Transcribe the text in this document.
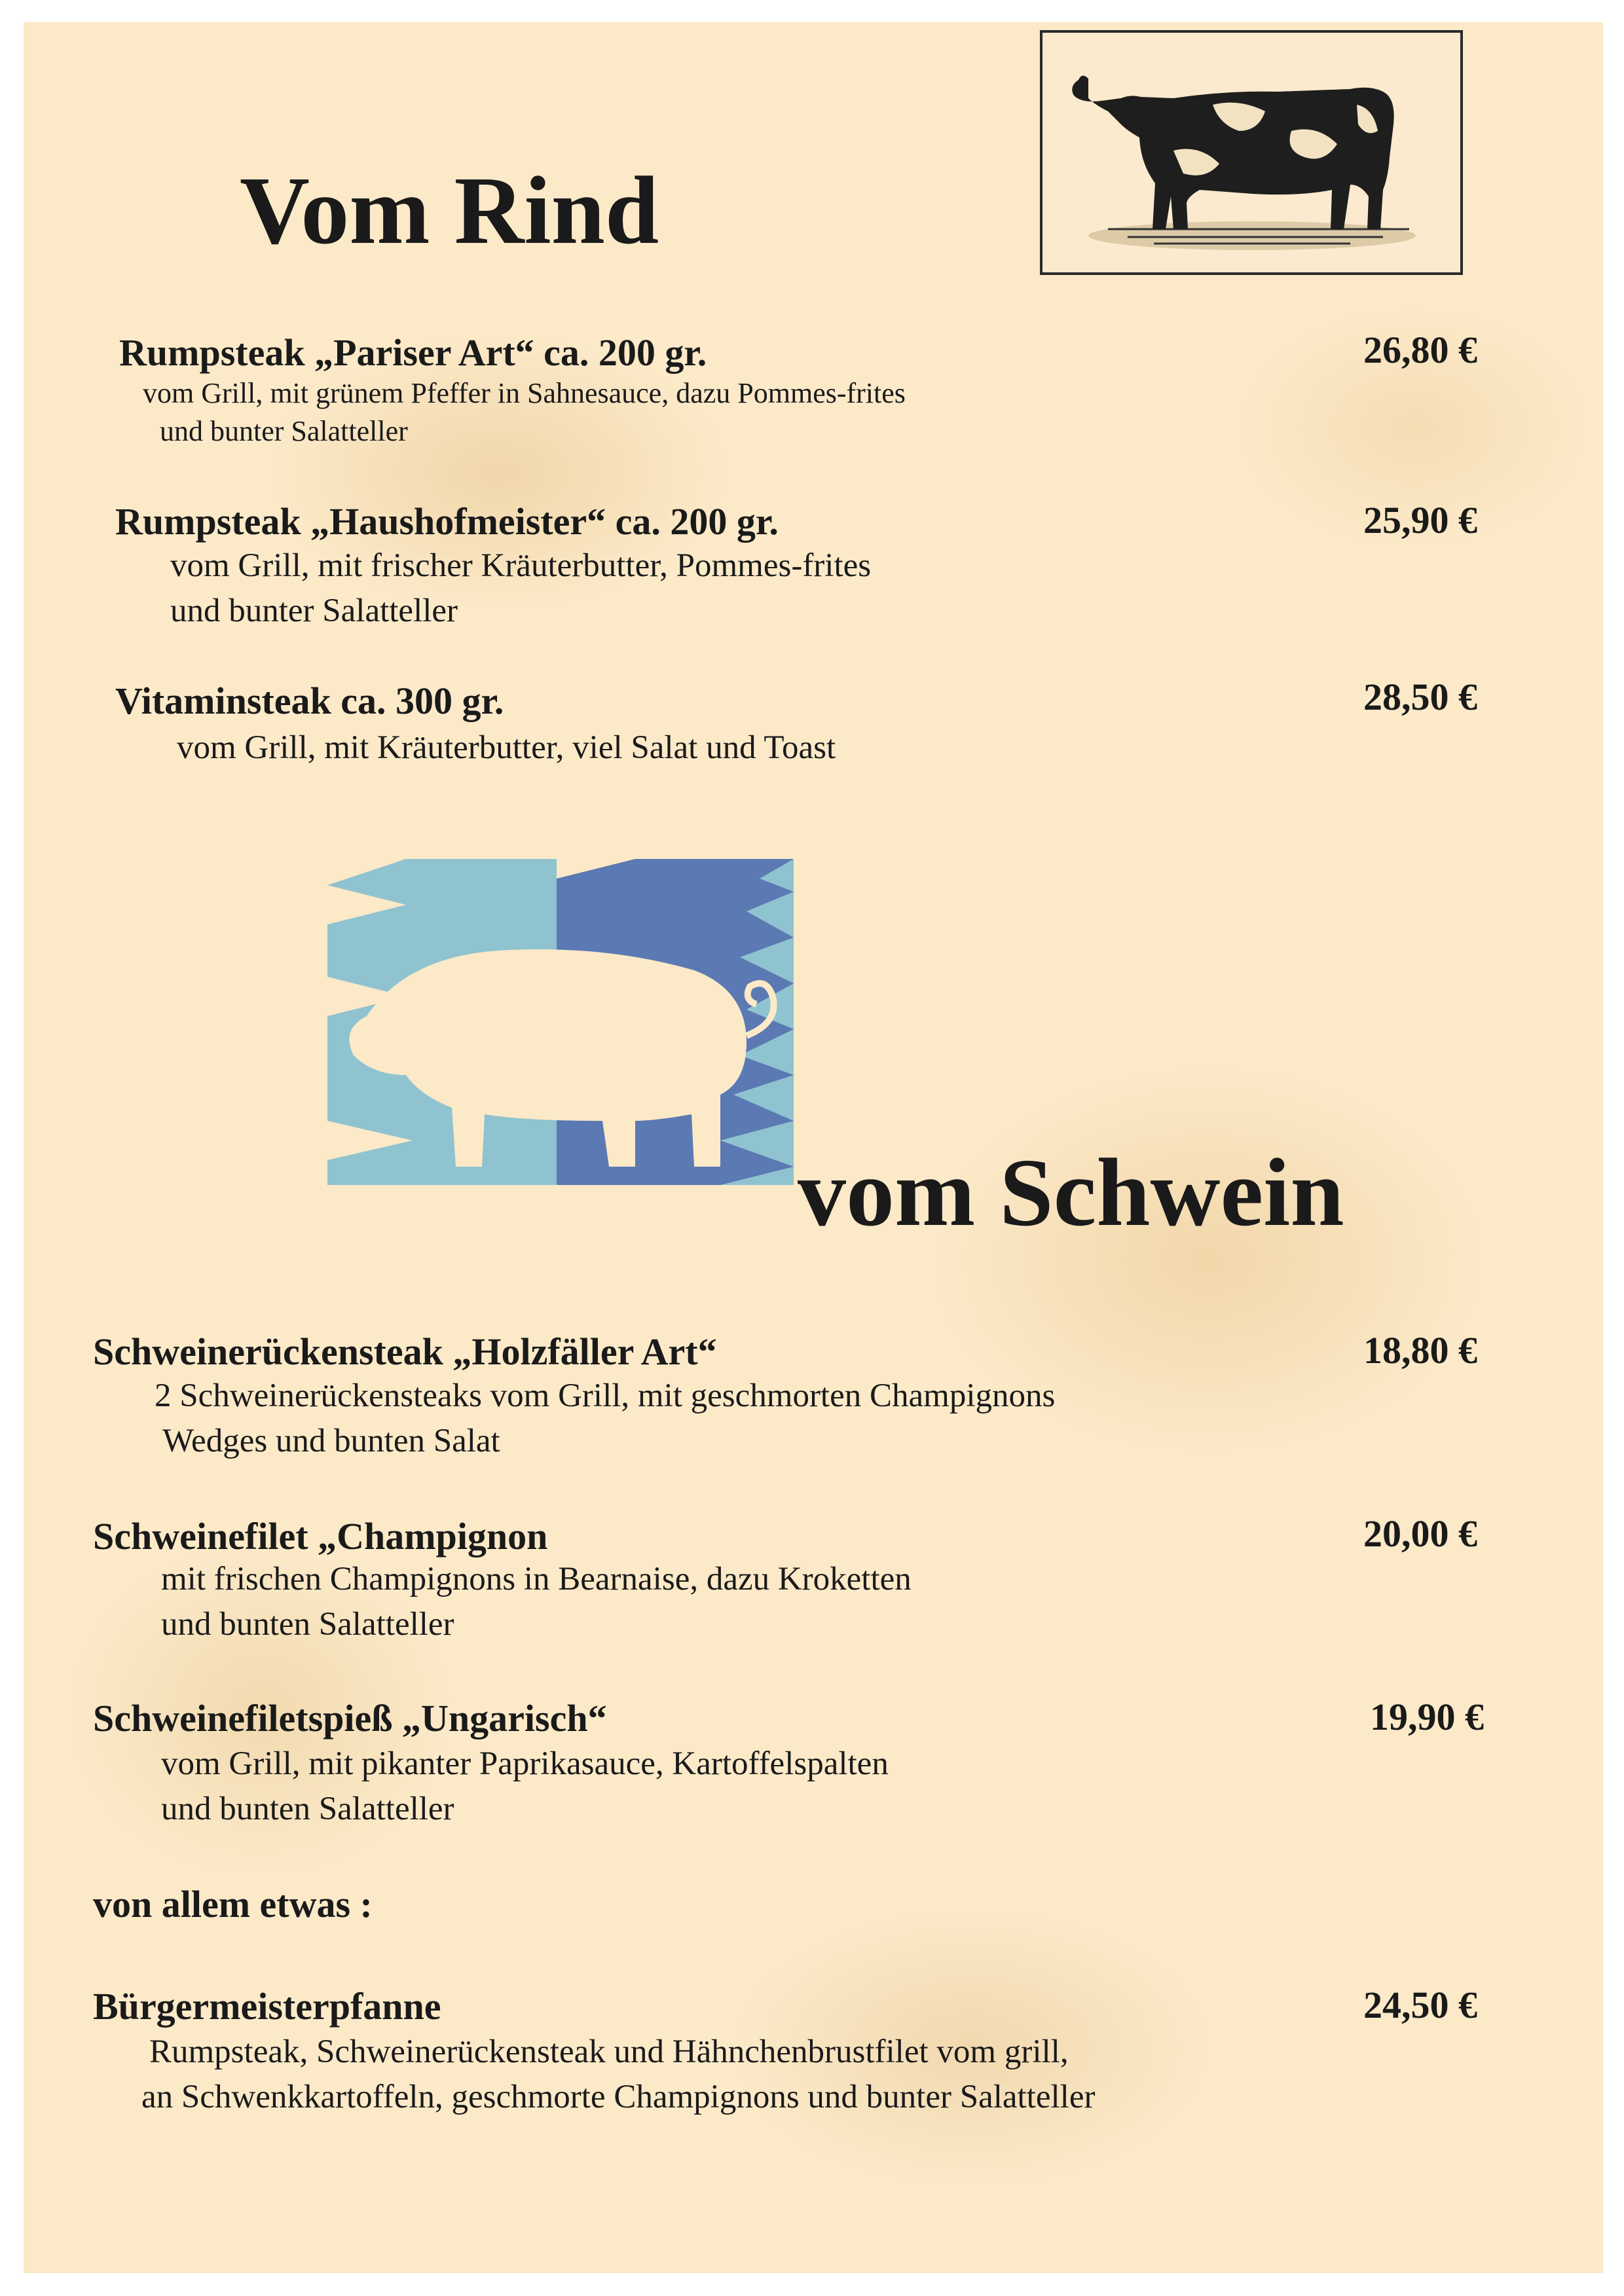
Vom Rind
Rumpsteak „Pariser Art“ ca. 200 gr.	26,80 €
vom Grill, mit grünem Pfeffer in Sahnesauce, dazu Pommes-frites
und bunter Salatteller
Rumpsteak „Haushofmeister“ ca. 200 gr.	25,90 €
vom Grill, mit frischer Kräuterbutter, Pommes-frites
und bunter Salatteller
Vitaminsteak ca. 300 gr.	28,50 €
vom Grill, mit Kräuterbutter, viel Salat und Toast
vom Schwein
Schweinerückensteak „Holzfäller Art“	18,80 €
2 Schweinerückensteaks vom Grill, mit geschmorten Champignons
Wedges und bunten Salat
Schweinefilet „Champignon	20,00 €
mit frischen Champignons in Bearnaise, dazu Kroketten
und bunten Salatteller
Schweinefiletspieß „Ungarisch“	19,90 €
vom Grill, mit pikanter Paprikasauce, Kartoffelspalten
und bunten Salatteller
von allem etwas :
Bürgermeisterpfanne	24,50 €
Rumpsteak, Schweinerückensteak und Hähnchenbrustfilet vom grill,
an Schwenkkartoffeln, geschmorte Champignons und bunter Salatteller
